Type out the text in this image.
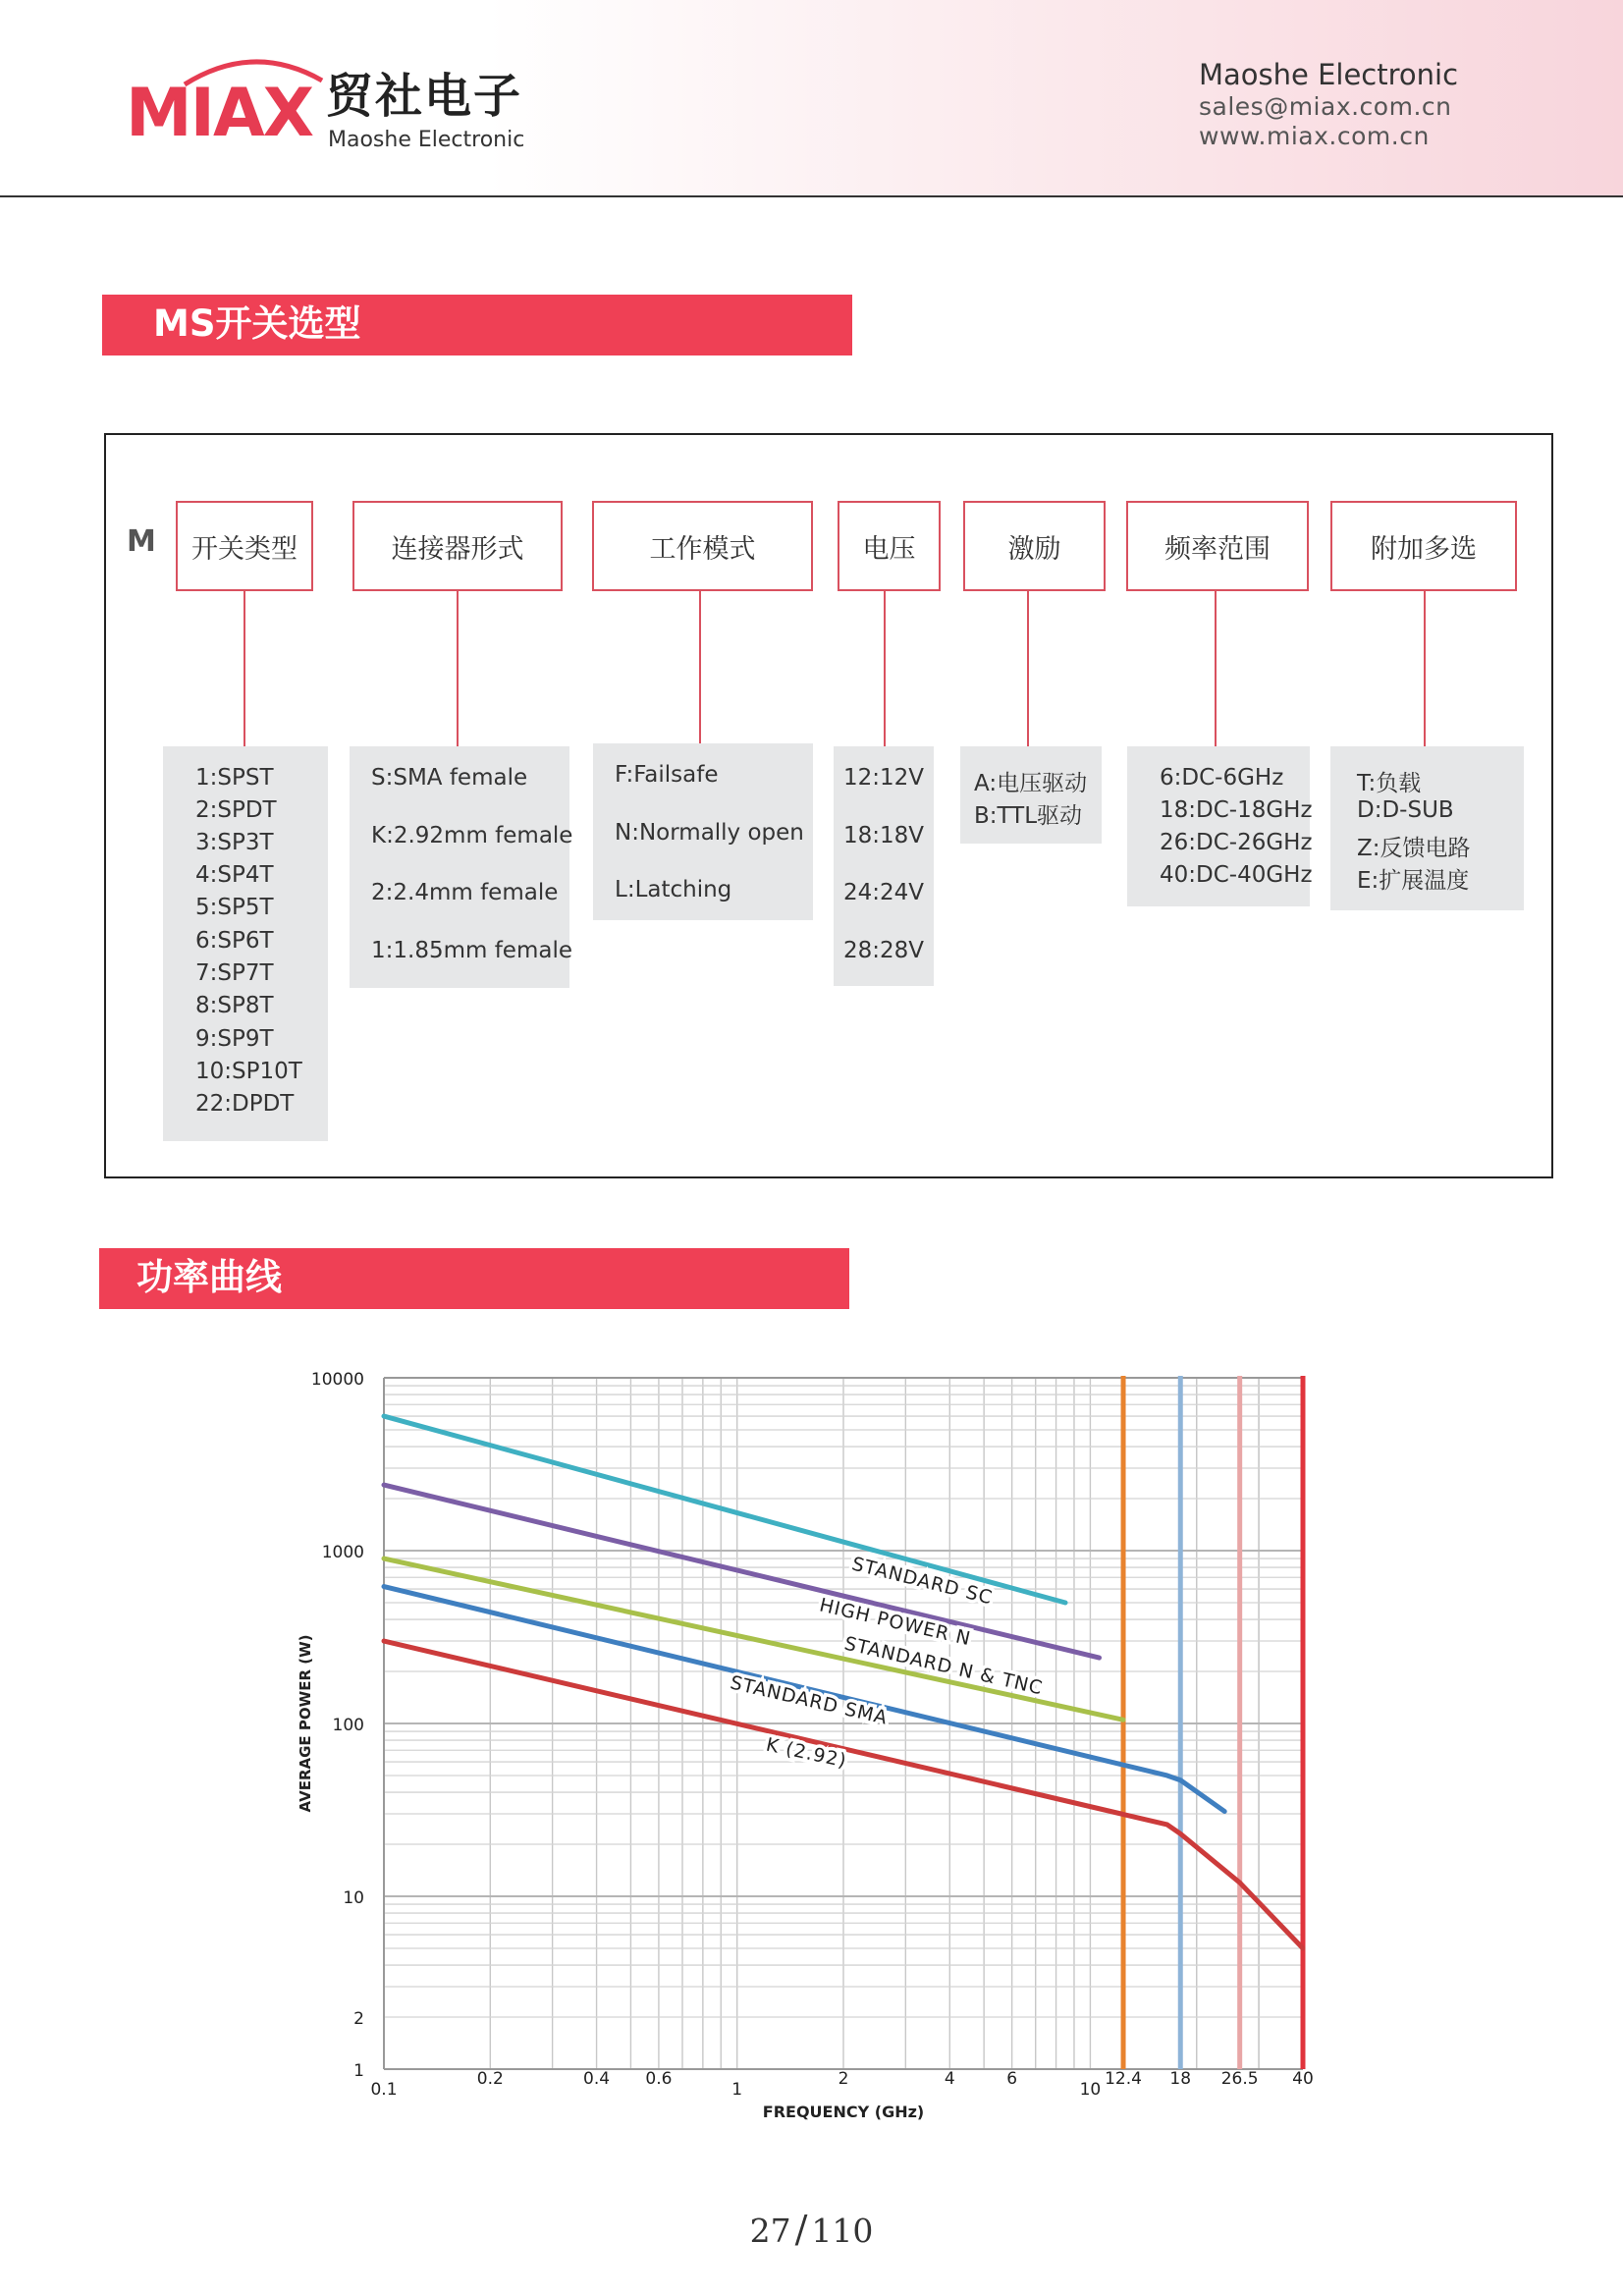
MIAX 贸社电子
Maoshe Electronic
Maoshe Electronic
sales@miax.com.cn
www.miax.com.cn
MS开关选型
M	开关类型	连接器形式	工作模式	电压	激励	频率范围	附加多选
1:SPST
2:SPDT
3:SP3T
4:SP4T
5:SP5T
6:SP6T
7:SP7T
8:SP8T
9:SP9T
10:SP10T
22:DPDT
S:SMA female
K:2.92mm female
2:2.4mm female
1:1.85mm female
F:Failsafe
N:Normally open
L:Latching
12:12V
18:18V
24:24V
28:28V
A:电压驱动
B:TTL驱动
6:DC-6GHz
18:DC-18GHz
26:DC-26GHz
40:DC-40GHz
T:负载
D:D-SUB
Z:反馈电路
E:扩展温度
功率曲线
STANDARD SC
HIGH POWER N
STANDARD N & TNC
STANDARD SMA
K (2.92)
10000
1000
100
10
2
1
0.1
0.2	0.4 0.6
1
2	4	6
10
12.4 18 26.5 40
FREQUENCY (GHz)
AVERAGE POWER (W)
27 / 110
